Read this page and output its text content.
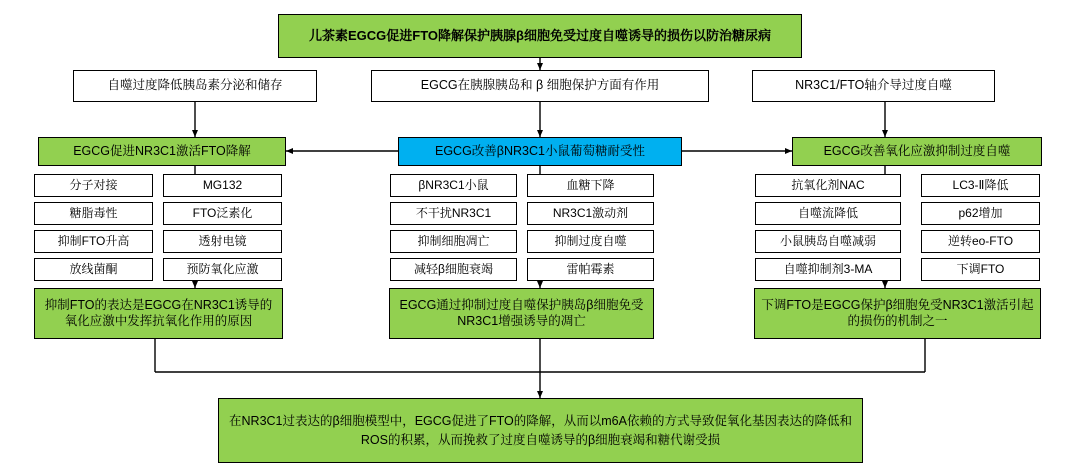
儿茶素EGCG促进FTO降解保护胰腺β细胞免受过度自噬诱导的损伤以防治糖尿病
自噬过度降低胰岛素分泌和储存	EGCG在胰腺胰岛和 β 细胞保护方面有作用	NR3C1/FTO轴介导过度自噬
EGCG促进NR3C1激活FTO降解	EGCG改善βNR3C1小鼠葡萄糖耐受性	EGCG改善氧化应激抑制过度自噬
分子对接
糖脂毒性
抑制FTO升高
放线菌酮
MG132
FTO泛素化
透射电镜
预防氧化应激
βNR3C1小鼠
不干扰NR3C1
抑制细胞凋亡
减轻β细胞衰竭
血糖下降
NR3C1激动剂
抑制过度自噬
雷帕霉素
抗氧化剂NAC
自噬流降低
小鼠胰岛自噬减弱
自噬抑制剂3-MA
LC3-Ⅱ降低
p62增加
逆转eo-FTO
下调FTO
抑制FTO的表达是EGCG在NR3C1诱导的氧化应激中发挥抗氧化作用的原因
EGCG通过抑制过度自噬保护胰岛β细胞免受NR3C1增强诱导的凋亡
下调FTO是EGCG保护β细胞免受NR3C1激活引起的损伤的机制之一
在NR3C1过表达的β细胞模型中，EGCG促进了FTO的降解，从而以m6A依赖的方式导致促氧化基因表达的降低和ROS的积累，从而挽救了过度自噬诱导的β细胞衰竭和糖代谢受损
